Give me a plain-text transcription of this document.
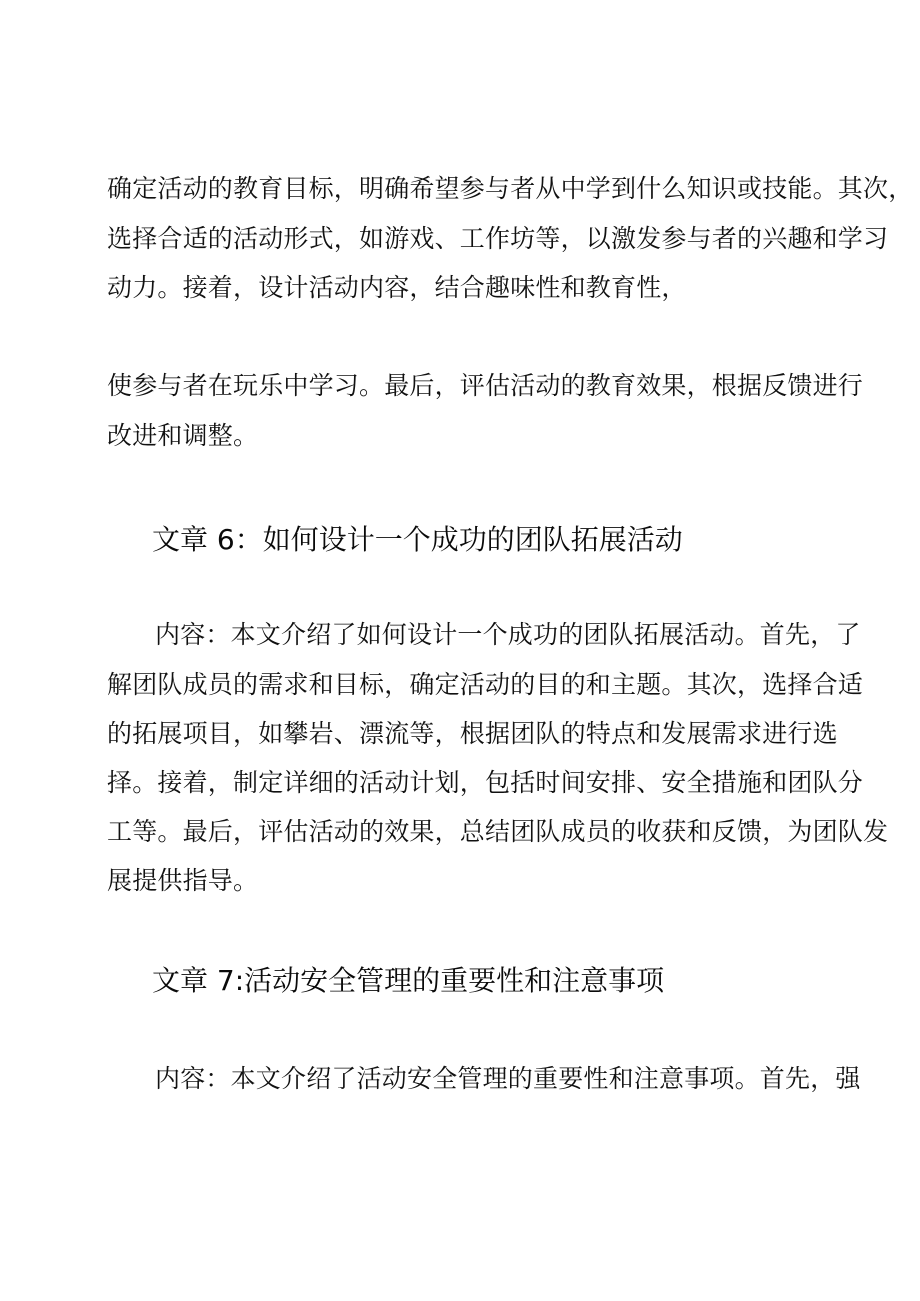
确定活动的教育目标，明确希望参与者从中学到什么知识或技能。其次，
选择合适的活动形式，如游戏、工作坊等，以激发参与者的兴趣和学习
动力。接着，设计活动内容，结合趣味性和教育性，
使参与者在玩乐中学习。最后，评估活动的教育效果，根据反馈进行
改进和调整。
文章 6：如何设计一个成功的团队拓展活动
内容：本文介绍了如何设计一个成功的团队拓展活动。首先，了
解团队成员的需求和目标，确定活动的目的和主题。其次，选择合适
的拓展项目，如攀岩、漂流等，根据团队的特点和发展需求进行选
择。接着，制定详细的活动计划，包括时间安排、安全措施和团队分
工等。最后，评估活动的效果，总结团队成员的收获和反馈，为团队发
展提供指导。
文章 7:活动安全管理的重要性和注意事项
内容：本文介绍了活动安全管理的重要性和注意事项。首先，强
